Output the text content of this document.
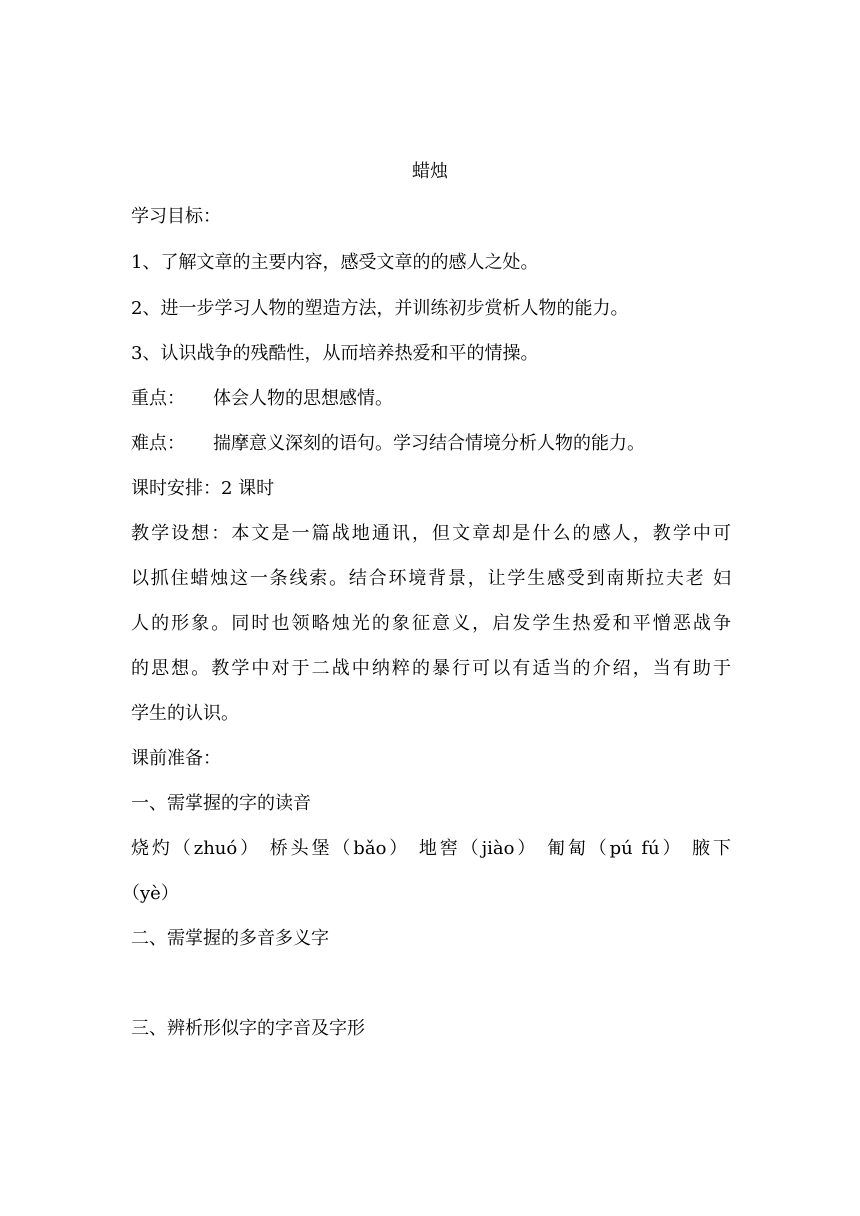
蜡烛
学习目标：
1、了解文章的主要内容，感受文章的的感人之处。
2、进一步学习人物的塑造方法，并训练初步赏析人物的能力。
3、认识战争的残酷性，从而培养热爱和平的情操。
重点： 体会人物的思想感情。
难点： 揣摩意义深刻的语句。学习结合情境分析人物的能力。
课时安排：2 课时
教学设想：本文是一篇战地通讯，但文章却是什么的感人，教学中可
以抓住蜡烛这一条线索。结合环境背景，让学生感受到南斯拉夫老 妇
人的形象。同时也领略烛光的象征意义，启发学生热爱和平憎恶战争
的思想。教学中对于二战中纳粹的暴行可以有适当的介绍，当有助于
学生的认识。
课前准备：
一、需掌握的字的读音
烧灼（zhuó） 桥头堡（bǎo） 地窖（jiào） 匍匐（pú fú） 腋下
（yè）
二、需掌握的多音多义字
三、辨析形似字的字音及字形
